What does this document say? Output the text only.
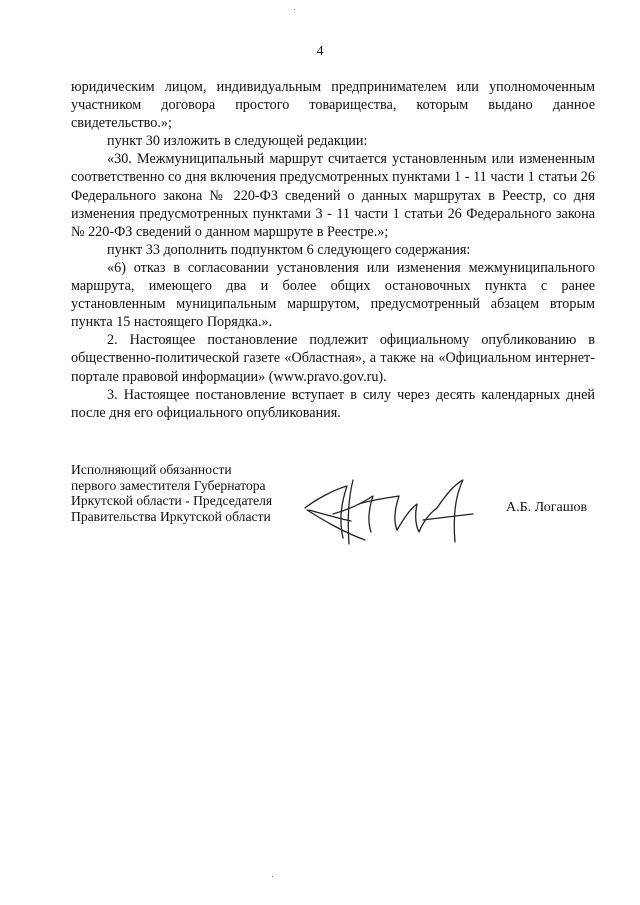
4

юридическим лицом, индивидуальным предпринимателем или уполномоченным участником договора простого товарищества, которым выдано данное свидетельство.»;

пункт 30 изложить в следующей редакции:

«30. Межмуниципальный маршрут считается установленным или измененным соответственно со дня включения предусмотренных пунктами 1 - 11 части 1 статьи 26 Федерального закона № 220-ФЗ сведений о данных маршрутах в Реестр, со дня изменения предусмотренных пунктами 3 - 11 части 1 статьи 26 Федерального закона № 220-ФЗ сведений о данном маршруте в Реестре.»;

пункт 33 дополнить подпунктом 6 следующего содержания:

«6) отказ в согласовании установления или изменения межмуниципального маршрута, имеющего два и более общих остановочных пункта с ранее установленным муниципальным маршрутом, предусмотренный абзацем вторым пункта 15 настоящего Порядка.».

2. Настоящее постановление подлежит официальному опубликованию в общественно-политической газете «Областная», а также на «Официальном интернет-портале правовой информации» (www.pravo.gov.ru).

3. Настоящее постановление вступает в силу через десять календарных дней после дня его официального опубликования.

Исполняющий обязанности
первого заместителя Губернатора
Иркутской области - Председателя
Правительства Иркутской области
А.Б. Логашов
